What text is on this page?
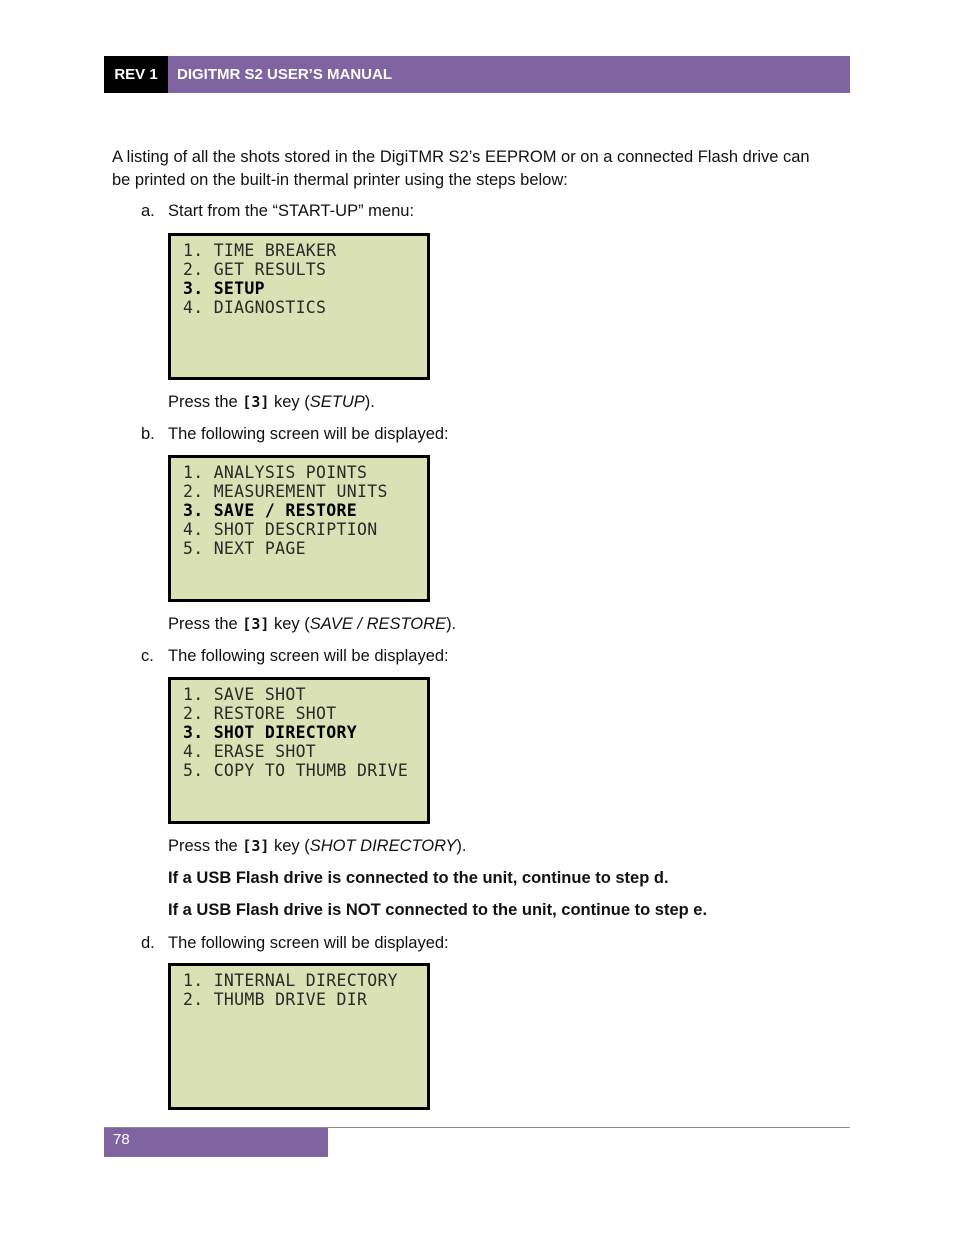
REV 1	DIGITMR S2 USER’S MANUAL

A listing of all the shots stored in the DigiTMR S2’s EEPROM or on a connected Flash drive can be printed on the built-in thermal printer using the steps below:

a. Start from the “START-UP” menu:
1. TIME BREAKER
2. GET RESULTS
3. SETUP
4. DIAGNOSTICS
Press the [3] key (SETUP).
b. The following screen will be displayed:
1. ANALYSIS POINTS
2. MEASUREMENT UNITS
3. SAVE / RESTORE
4. SHOT DESCRIPTION
5. NEXT PAGE
Press the [3] key (SAVE / RESTORE).
c. The following screen will be displayed:
1. SAVE SHOT
2. RESTORE SHOT
3. SHOT DIRECTORY
4. ERASE SHOT
5. COPY TO THUMB DRIVE
Press the [3] key (SHOT DIRECTORY).
If a USB Flash drive is connected to the unit, continue to step d.
If a USB Flash drive is NOT connected to the unit, continue to step e.
d. The following screen will be displayed:
1. INTERNAL DIRECTORY
2. THUMB DRIVE DIR
78
